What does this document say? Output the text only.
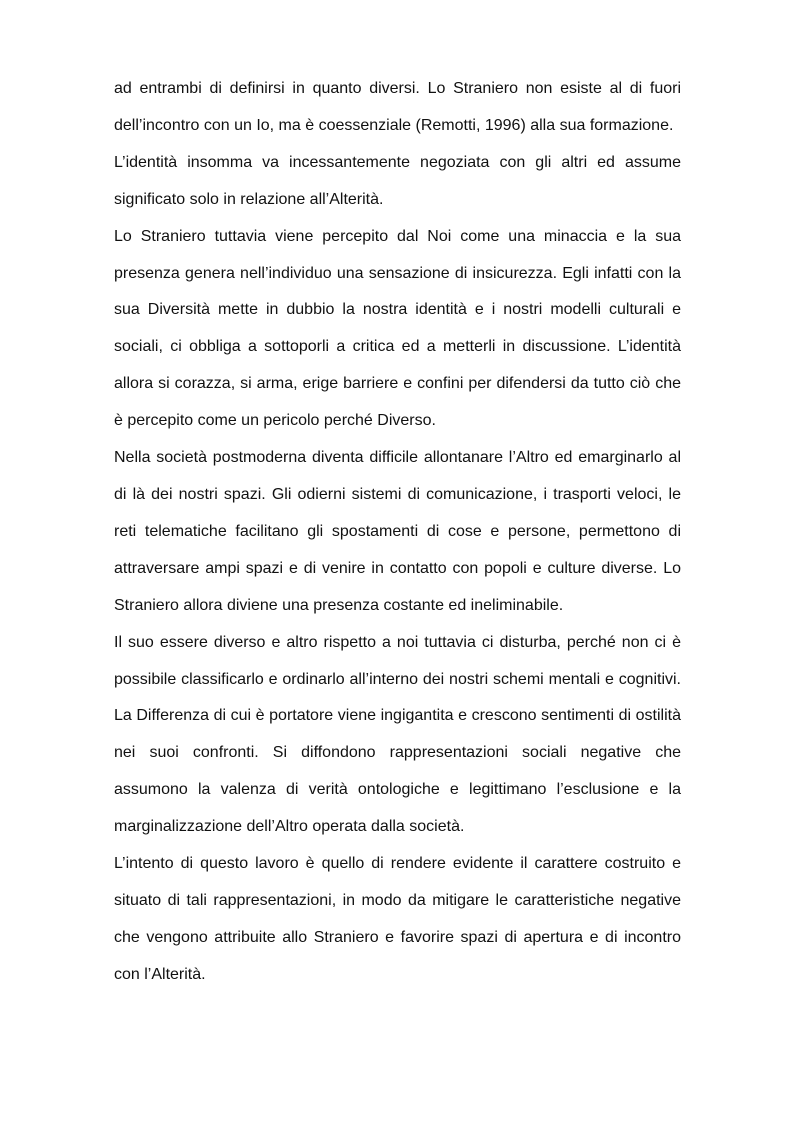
ad entrambi di definirsi in quanto diversi. Lo Straniero non esiste al di fuori dell’incontro con un Io, ma è coessenziale (Remotti, 1996) alla sua formazione.

L’identità insomma va incessantemente negoziata con gli altri ed assume significato solo in relazione all’Alterità.

Lo Straniero tuttavia viene percepito dal Noi come una minaccia e la sua presenza genera nell’individuo una sensazione di insicurezza. Egli infatti con la sua Diversità mette in dubbio la nostra identità e i nostri modelli culturali e sociali, ci obbliga a sottoporli a critica ed a metterli in discussione. L’identità allora si corazza, si arma, erige barriere e confini per difendersi da tutto ciò che è percepito come un pericolo perché Diverso.

Nella società postmoderna diventa difficile allontanare l’Altro ed emarginarlo al di là dei nostri spazi. Gli odierni sistemi di comunicazione, i trasporti veloci, le reti telematiche facilitano gli spostamenti di cose e persone, permettono di attraversare ampi spazi e di venire in contatto con popoli e culture diverse. Lo Straniero allora diviene una presenza costante ed ineliminabile.

Il suo essere diverso e altro rispetto a noi tuttavia ci disturba, perché non ci è possibile classificarlo e ordinarlo all’interno dei nostri schemi mentali e cognitivi. La Differenza di cui è portatore viene ingigantita e crescono sentimenti di ostilità nei suoi confronti. Si diffondono rappresentazioni sociali negative che assumono la valenza di verità ontologiche e legittimano l’esclusione e la marginalizzazione dell’Altro operata dalla società.

L’intento di questo lavoro è quello di rendere evidente il carattere costruito e situato di tali rappresentazioni, in modo da mitigare le caratteristiche negative che vengono attribuite allo Straniero e favorire spazi di apertura e di incontro con l’Alterità.
